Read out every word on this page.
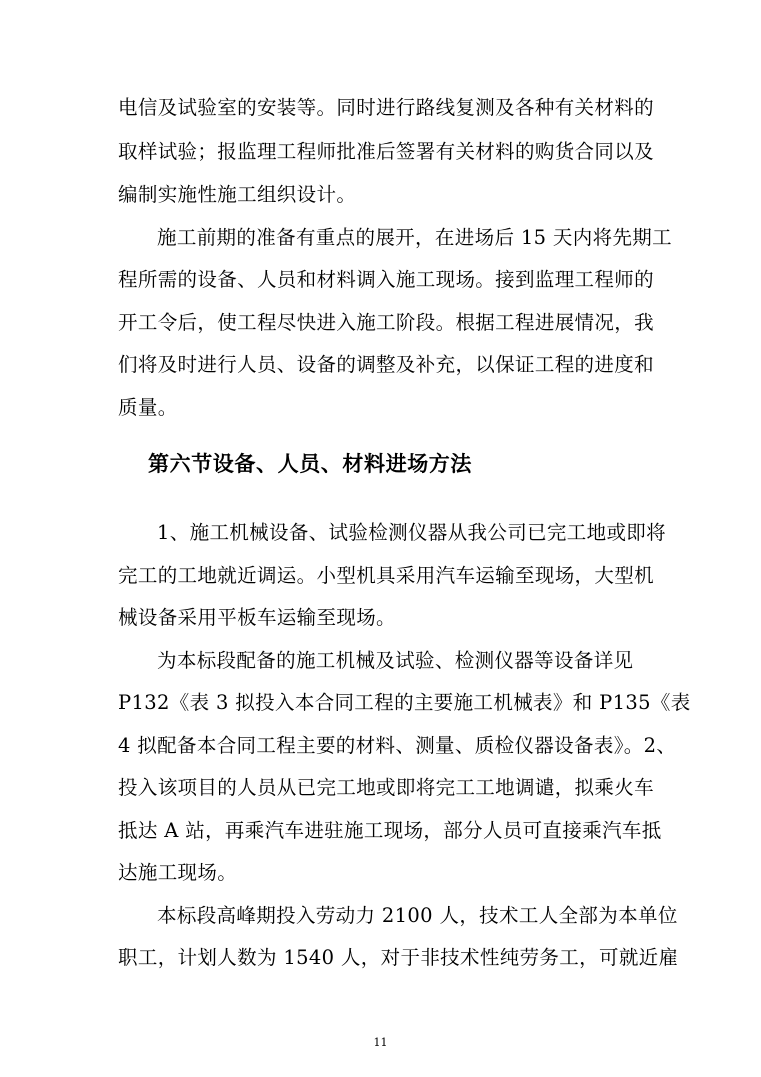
电信及试验室的安装等。同时进行路线复测及各种有关材料的
取样试验；报监理工程师批准后签署有关材料的购货合同以及
编制实施性施工组织设计。
施工前期的准备有重点的展开，在进场后 15 天内将先期工
程所需的设备、人员和材料调入施工现场。接到监理工程师的
开工令后，使工程尽快进入施工阶段。根据工程进展情况，我
们将及时进行人员、设备的调整及补充，以保证工程的进度和
质量。
第六节设备、人员、材料进场方法
1、施工机械设备、试验检测仪器从我公司已完工地或即将
完工的工地就近调运。小型机具采用汽车运输至现场，大型机
械设备采用平板车运输至现场。
为本标段配备的施工机械及试验、检测仪器等设备详见
P132《表 3 拟投入本合同工程的主要施工机械表》和 P135《表
4 拟配备本合同工程主要的材料、测量、质检仪器设备表》。2、
投入该项目的人员从已完工地或即将完工工地调谴，拟乘火车
抵达 A 站，再乘汽车进驻施工现场，部分人员可直接乘汽车抵
达施工现场。
本标段高峰期投入劳动力 2100 人，技术工人全部为本单位
职工，计划人数为 1540 人，对于非技术性纯劳务工，可就近雇
11
